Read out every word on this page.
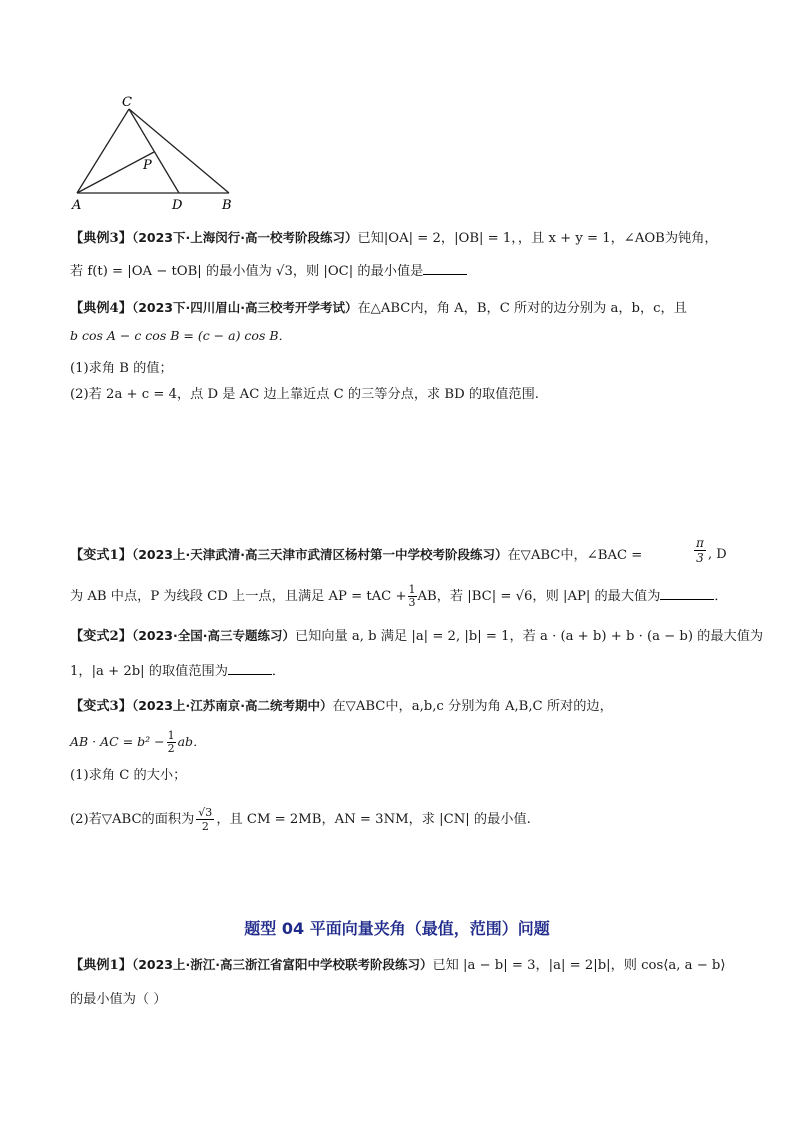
C
P
A	D	B
【典例3】（2023下·上海闵行·高一校考阶段练习）已知|OA| = 2，|OB| = 1，，且 x + y = 1，∠AOB为钝角，
若 f(t) = |OA − tOB| 的最小值为 √3，则 |OC| 的最小值是
【典例4】（2023下·四川眉山·高三校考开学考试）在△ABC内，角 A，B，C 所对的边分别为 a，b，c，且
b cos A − c cos B = (c − a) cos B．
(1)求角 B 的值；
(2)若 2a + c = 4，点 D 是 AC 边上靠近点 C 的三等分点，求 BD 的取值范围.
【变式1】（2023上·天津武清·高三天津市武清区杨村第一中学校考阶段练习）在▽ABC中，∠BAC =	$\frac{\pi}{3}$ , D
为 AB 中点，P 为线段 CD 上一点，且满足 AP = tAC + $\frac{1}{3}$ AB，若 |BC| = √6，则 |AP| 的最大值为	．
【变式2】（2023·全国·高三专题练习）已知向量 a, b 满足 |a| = 2, |b| = 1，若 a · (a + b) + b · (a − b) 的最大值为
1，|a + 2b| 的取值范围为	．
【变式3】（2023上·江苏南京·高二统考期中）在▽ABC中，a,b,c 分别为角 A,B,C 所对的边，
AB · AC = $b^2 - \frac{1}{2}$ ab．
(1)求角 C 的大小；
(2)若▽ABC的面积为 $\frac{√3}{2}$ ，且 CM = 2MB，AN = 3NM，求 |CN| 的最小值.
题型 04 平面向量夹角（最值，范围）问题
【典例1】（2023上·浙江·高三浙江省富阳中学校联考阶段练习）已知 |a − b| = 3，|a| = 2|b|，则 cos⟨a, a − b⟩
的最小值为（ ）
